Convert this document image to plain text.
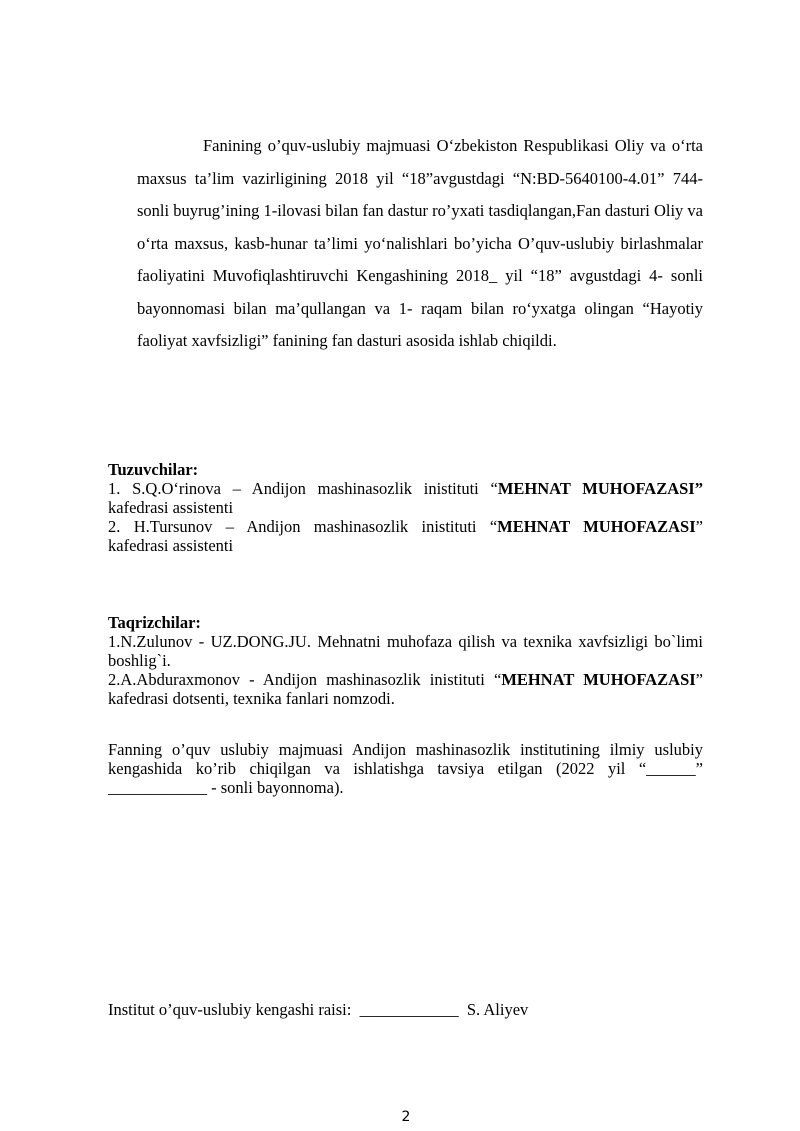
Fanining o’quv-uslubiy majmuasi O‘zbekiston Respublikasi Oliy va o‘rta maxsus ta’lim vazirligining 2018 yil “18”avgustdagi “N:BD-5640100-4.01” 744-sonli buyrug’ining 1-ilovasi bilan fan dastur ro’yxati tasdiqlangan,Fan dasturi Oliy va o‘rta maxsus, kasb-hunar ta’limi yo‘nalishlari bo’yicha O’quv-uslubiy birlashmalar faoliyatini Muvofiqlashtiruvchi Kengashining 2018_ yil “18” avgustdagi 4- sonli bayonnomasi bilan ma’qullangan va 1- raqam bilan ro‘yxatga olingan “Hayotiy faoliyat xavfsizligi” fanining fan dasturi asosida ishlab chiqildi.

Tuzuvchilar:

1. S.Q.O‘rinova – Andijon mashinasozlik inistituti “MEHNAT MUHOFAZASI” kafedrasi assistenti

2. H.Tursunov – Andijon mashinasozlik inistituti “MEHNAT MUHOFAZASI” kafedrasi assistenti

Taqrizchilar:

1.N.Zulunov - UZ.DONG.JU. Mehnatni muhofaza qilish va texnika xavfsizligi bo`limi boshlig`i.

2.A.Abduraxmonov - Andijon mashinasozlik inistituti “MEHNAT MUHOFAZASI” kafedrasi dotsenti, texnika fanlari nomzodi.

Fanning o’quv uslubiy majmuasi Andijon mashinasozlik institutining ilmiy uslubiy kengashida ko’rib chiqilgan va ishlatishga tavsiya etilgan (2022 yil “______” ____________ - sonli bayonnoma).

Institut o’quv-uslubiy kengashi raisi: ____________ S. Aliyev
2
